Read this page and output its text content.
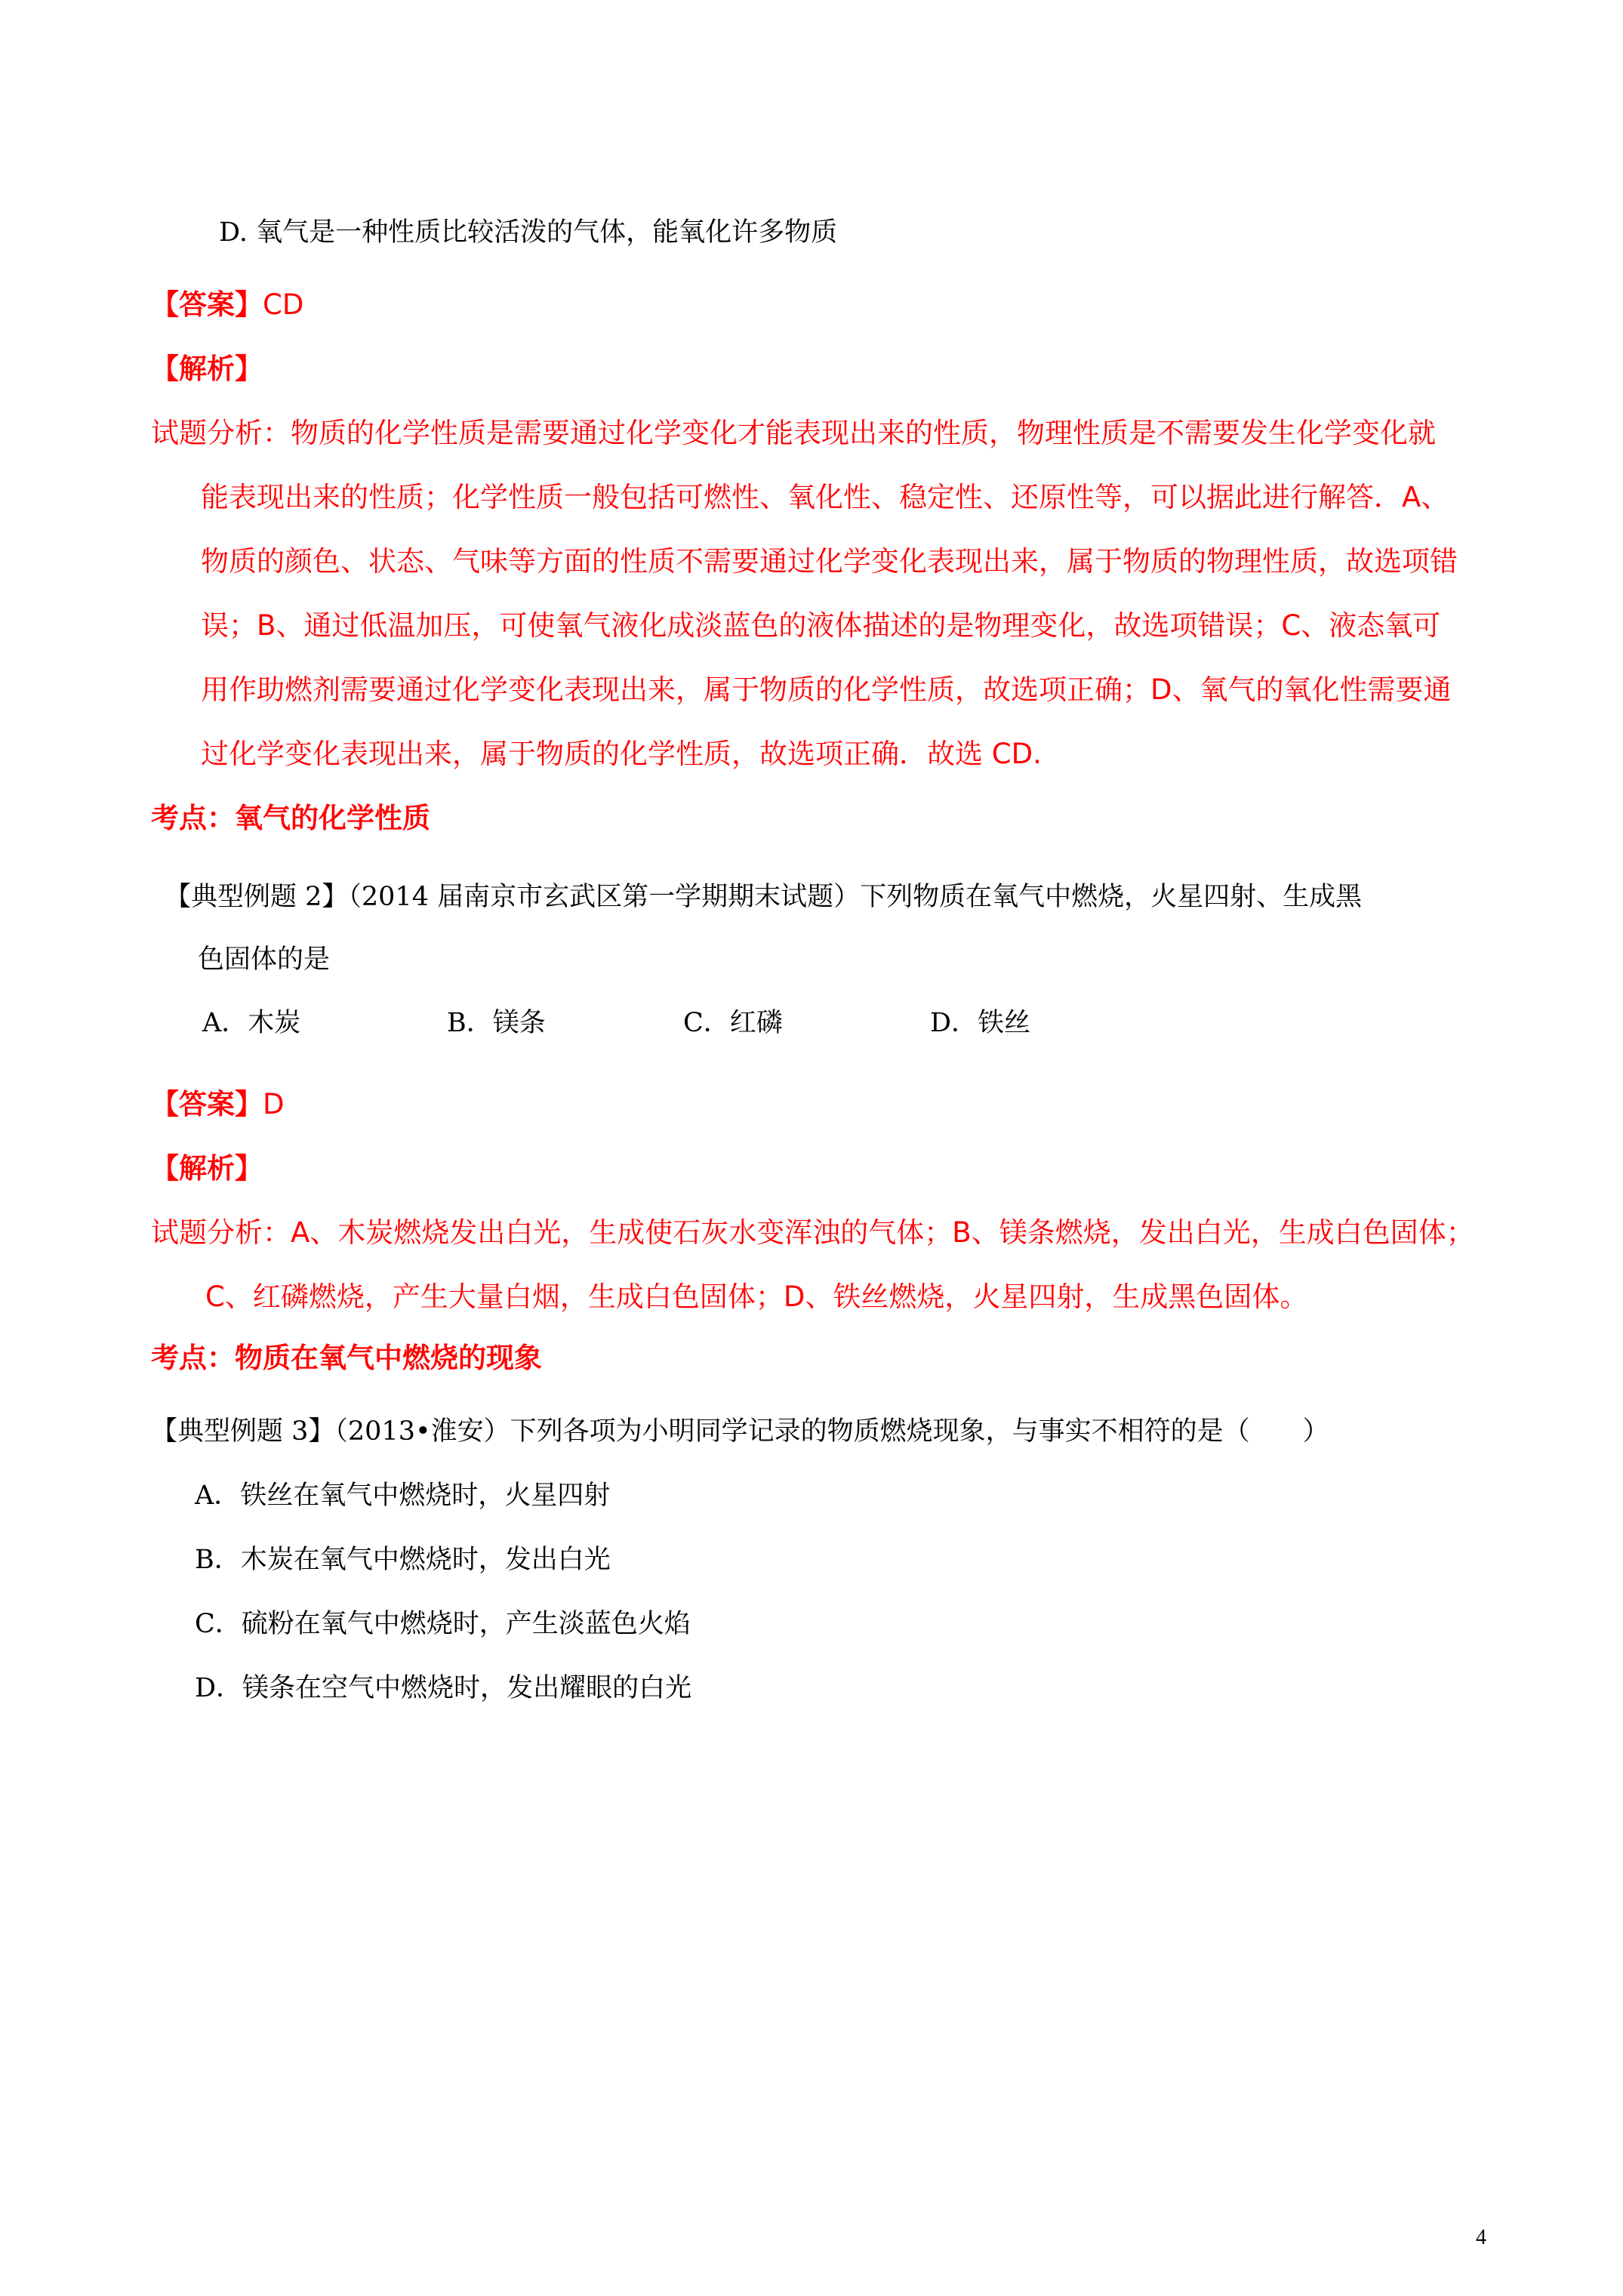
D. 氧气是一种性质比较活泼的气体，能氧化许多物质
【答案】CD
【解析】
试题分析：物质的化学性质是需要通过化学变化才能表现出来的性质，物理性质是不需要发生化学变化就
能表现出来的性质；化学性质一般包括可燃性、氧化性、稳定性、还原性等，可以据此进行解答．A、
物质的颜色、状态、气味等方面的性质不需要通过化学变化表现出来，属于物质的物理性质，故选项错
误；B、通过低温加压，可使氧气液化成淡蓝色的液体描述的是物理变化，故选项错误；C、液态氧可
用作助燃剂需要通过化学变化表现出来，属于物质的化学性质，故选项正确；D、氧气的氧化性需要通
过化学变化表现出来，属于物质的化学性质，故选项正确．故选 CD.
考点：氧气的化学性质
【典型例题 2】（2014 届南京市玄武区第一学期期末试题）下列物质在氧气中燃烧，火星四射、生成黑
色固体的是
A．木炭	B．镁条	C．红磷	D．铁丝
【答案】D
【解析】
试题分析：A、木炭燃烧发出白光，生成使石灰水变浑浊的气体；B、镁条燃烧，发出白光，生成白色固体；
C、红磷燃烧，产生大量白烟，生成白色固体；D、铁丝燃烧，火星四射，生成黑色固体。
考点：物质在氧气中燃烧的现象
【典型例题 3】（2013•淮安）下列各项为小明同学记录的物质燃烧现象，与事实不相符的是（　　）
A．铁丝在氧气中燃烧时，火星四射
B．木炭在氧气中燃烧时，发出白光
C．硫粉在氧气中燃烧时，产生淡蓝色火焰
D．镁条在空气中燃烧时，发出耀眼的白光
4
